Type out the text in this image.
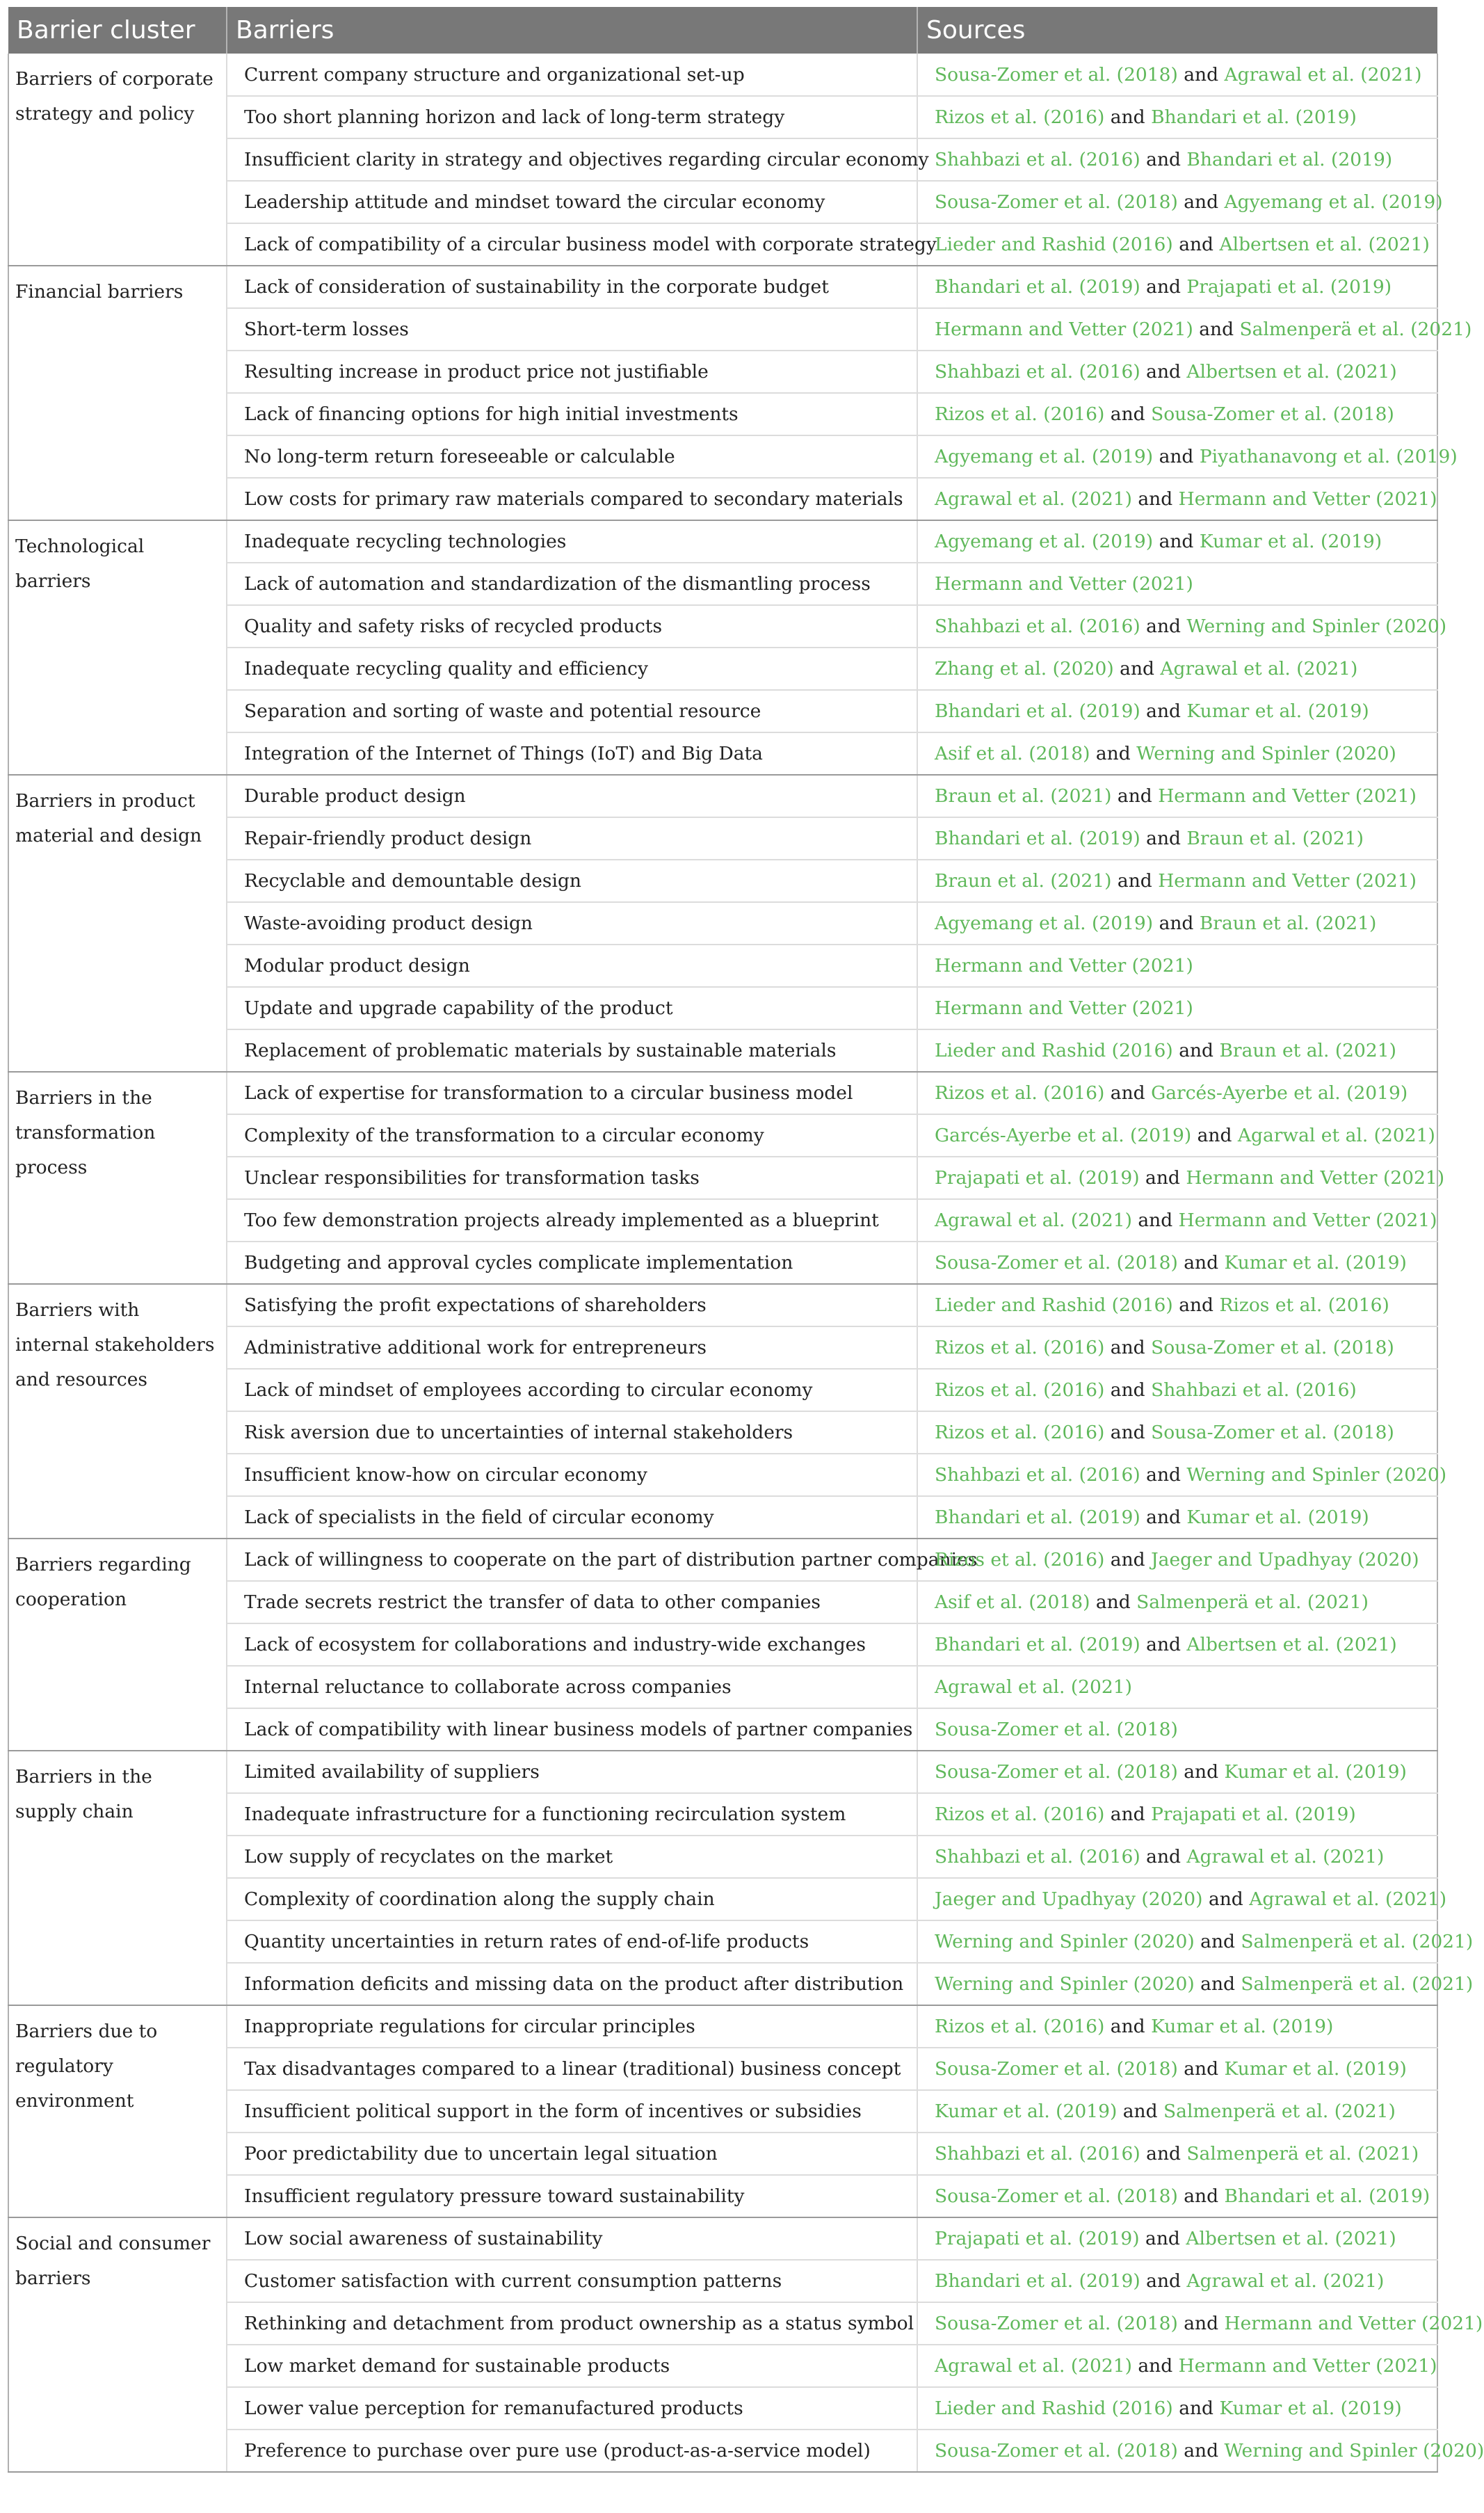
Barrier cluster	Barriers	Sources
Barriers of corporate strategy and policy	Current company structure and organizational set-up	Sousa-Zomer et al. (2018) and Agrawal et al. (2021)
	Too short planning horizon and lack of long-term strategy	Rizos et al. (2016) and Bhandari et al. (2019)
	Insufficient clarity in strategy and objectives regarding circular economy	Shahbazi et al. (2016) and Bhandari et al. (2019)
	Leadership attitude and mindset toward the circular economy	Sousa-Zomer et al. (2018) and Agyemang et al. (2019)
	Lack of compatibility of a circular business model with corporate strategy	Lieder and Rashid (2016) and Albertsen et al. (2021)
Financial barriers	Lack of consideration of sustainability in the corporate budget	Bhandari et al. (2019) and Prajapati et al. (2019)
	Short-term losses	Hermann and Vetter (2021) and Salmenperä et al. (2021)
	Resulting increase in product price not justifiable	Shahbazi et al. (2016) and Albertsen et al. (2021)
	Lack of financing options for high initial investments	Rizos et al. (2016) and Sousa-Zomer et al. (2018)
	No long-term return foreseeable or calculable	Agyemang et al. (2019) and Piyathanavong et al. (2019)
	Low costs for primary raw materials compared to secondary materials	Agrawal et al. (2021) and Hermann and Vetter (2021)
Technological barriers	Inadequate recycling technologies	Agyemang et al. (2019) and Kumar et al. (2019)
	Lack of automation and standardization of the dismantling process	Hermann and Vetter (2021)
	Quality and safety risks of recycled products	Shahbazi et al. (2016) and Werning and Spinler (2020)
	Inadequate recycling quality and efficiency	Zhang et al. (2020) and Agrawal et al. (2021)
	Separation and sorting of waste and potential resource	Bhandari et al. (2019) and Kumar et al. (2019)
	Integration of the Internet of Things (IoT) and Big Data	Asif et al. (2018) and Werning and Spinler (2020)
Barriers in product material and design	Durable product design	Braun et al. (2021) and Hermann and Vetter (2021)
	Repair-friendly product design	Bhandari et al. (2019) and Braun et al. (2021)
	Recyclable and demountable design	Braun et al. (2021) and Hermann and Vetter (2021)
	Waste-avoiding product design	Agyemang et al. (2019) and Braun et al. (2021)
	Modular product design	Hermann and Vetter (2021)
	Update and upgrade capability of the product	Hermann and Vetter (2021)
	Replacement of problematic materials by sustainable materials	Lieder and Rashid (2016) and Braun et al. (2021)
Barriers in the transformation process	Lack of expertise for transformation to a circular business model	Rizos et al. (2016) and Garcés-Ayerbe et al. (2019)
	Complexity of the transformation to a circular economy	Garcés-Ayerbe et al. (2019) and Agarwal et al. (2021)
	Unclear responsibilities for transformation tasks	Prajapati et al. (2019) and Hermann and Vetter (2021)
	Too few demonstration projects already implemented as a blueprint	Agrawal et al. (2021) and Hermann and Vetter (2021)
	Budgeting and approval cycles complicate implementation	Sousa-Zomer et al. (2018) and Kumar et al. (2019)
Barriers with internal stakeholders and resources	Satisfying the profit expectations of shareholders	Lieder and Rashid (2016) and Rizos et al. (2016)
	Administrative additional work for entrepreneurs	Rizos et al. (2016) and Sousa-Zomer et al. (2018)
	Lack of mindset of employees according to circular economy	Rizos et al. (2016) and Shahbazi et al. (2016)
	Risk aversion due to uncertainties of internal stakeholders	Rizos et al. (2016) and Sousa-Zomer et al. (2018)
	Insufficient know-how on circular economy	Shahbazi et al. (2016) and Werning and Spinler (2020)
	Lack of specialists in the field of circular economy	Bhandari et al. (2019) and Kumar et al. (2019)
Barriers regarding cooperation	Lack of willingness to cooperate on the part of distribution partner companies	Rizos et al. (2016) and Jaeger and Upadhyay (2020)
	Trade secrets restrict the transfer of data to other companies	Asif et al. (2018) and Salmenperä et al. (2021)
	Lack of ecosystem for collaborations and industry-wide exchanges	Bhandari et al. (2019) and Albertsen et al. (2021)
	Internal reluctance to collaborate across companies	Agrawal et al. (2021)
	Lack of compatibility with linear business models of partner companies	Sousa-Zomer et al. (2018)
Barriers in the supply chain	Limited availability of suppliers	Sousa-Zomer et al. (2018) and Kumar et al. (2019)
	Inadequate infrastructure for a functioning recirculation system	Rizos et al. (2016) and Prajapati et al. (2019)
	Low supply of recyclates on the market	Shahbazi et al. (2016) and Agrawal et al. (2021)
	Complexity of coordination along the supply chain	Jaeger and Upadhyay (2020) and Agrawal et al. (2021)
	Quantity uncertainties in return rates of end-of-life products	Werning and Spinler (2020) and Salmenperä et al. (2021)
	Information deficits and missing data on the product after distribution	Werning and Spinler (2020) and Salmenperä et al. (2021)
Barriers due to regulatory environment	Inappropriate regulations for circular principles	Rizos et al. (2016) and Kumar et al. (2019)
	Tax disadvantages compared to a linear (traditional) business concept	Sousa-Zomer et al. (2018) and Kumar et al. (2019)
	Insufficient political support in the form of incentives or subsidies	Kumar et al. (2019) and Salmenperä et al. (2021)
	Poor predictability due to uncertain legal situation	Shahbazi et al. (2016) and Salmenperä et al. (2021)
	Insufficient regulatory pressure toward sustainability	Sousa-Zomer et al. (2018) and Bhandari et al. (2019)
Social and consumer barriers	Low social awareness of sustainability	Prajapati et al. (2019) and Albertsen et al. (2021)
	Customer satisfaction with current consumption patterns	Bhandari et al. (2019) and Agrawal et al. (2021)
	Rethinking and detachment from product ownership as a status symbol	Sousa-Zomer et al. (2018) and Hermann and Vetter (2021)
	Low market demand for sustainable products	Agrawal et al. (2021) and Hermann and Vetter (2021)
	Lower value perception for remanufactured products	Lieder and Rashid (2016) and Kumar et al. (2019)
	Preference to purchase over pure use (product-as-a-service model)	Sousa-Zomer et al. (2018) and Werning and Spinler (2020)
